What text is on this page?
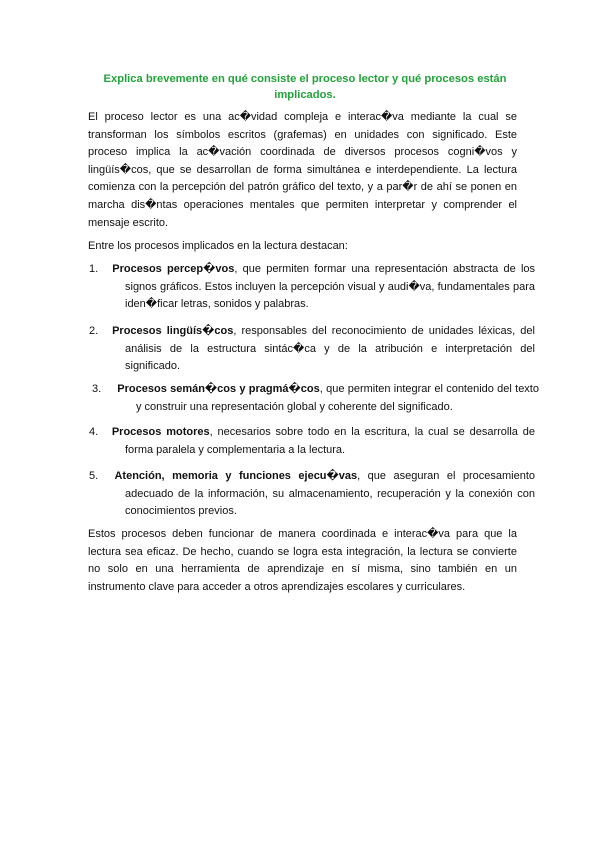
Explica brevemente en qué consiste el proceso lector y qué procesos están implicados.

El proceso lector es una ac�vidad compleja e interac�va mediante la cual se transforman los símbolos escritos (grafemas) en unidades con significado. Este proceso implica la ac�vación coordinada de diversos procesos cogni�vos y lingüís�cos, que se desarrollan de forma simultánea e interdependiente. La lectura comienza con la percepción del patrón gráfico del texto, y a par�r de ahí se ponen en marcha dis�ntas operaciones mentales que permiten interpretar y comprender el mensaje escrito.

Entre los procesos implicados en la lectura destacan:

1. Procesos percep�vos, que permiten formar una representación abstracta de los signos gráficos. Estos incluyen la percepción visual y audi�va, fundamentales para iden�ficar letras, sonidos y palabras.

2. Procesos lingüís�cos, responsables del reconocimiento de unidades léxicas, del análisis de la estructura sintác�ca y de la atribución e interpretación del significado.

3. Procesos semán�cos y pragmá�cos, que permiten integrar el contenido del texto y construir una representación global y coherente del significado.

4. Procesos motores, necesarios sobre todo en la escritura, la cual se desarrolla de forma paralela y complementaria a la lectura.

5. Atención, memoria y funciones ejecu�vas, que aseguran el procesamiento adecuado de la información, su almacenamiento, recuperación y la conexión con conocimientos previos.

Estos procesos deben funcionar de manera coordinada e interac�va para que la lectura sea eficaz. De hecho, cuando se logra esta integración, la lectura se convierte no solo en una herramienta de aprendizaje en sí misma, sino también en un instrumento clave para acceder a otros aprendizajes escolares y curriculares.
